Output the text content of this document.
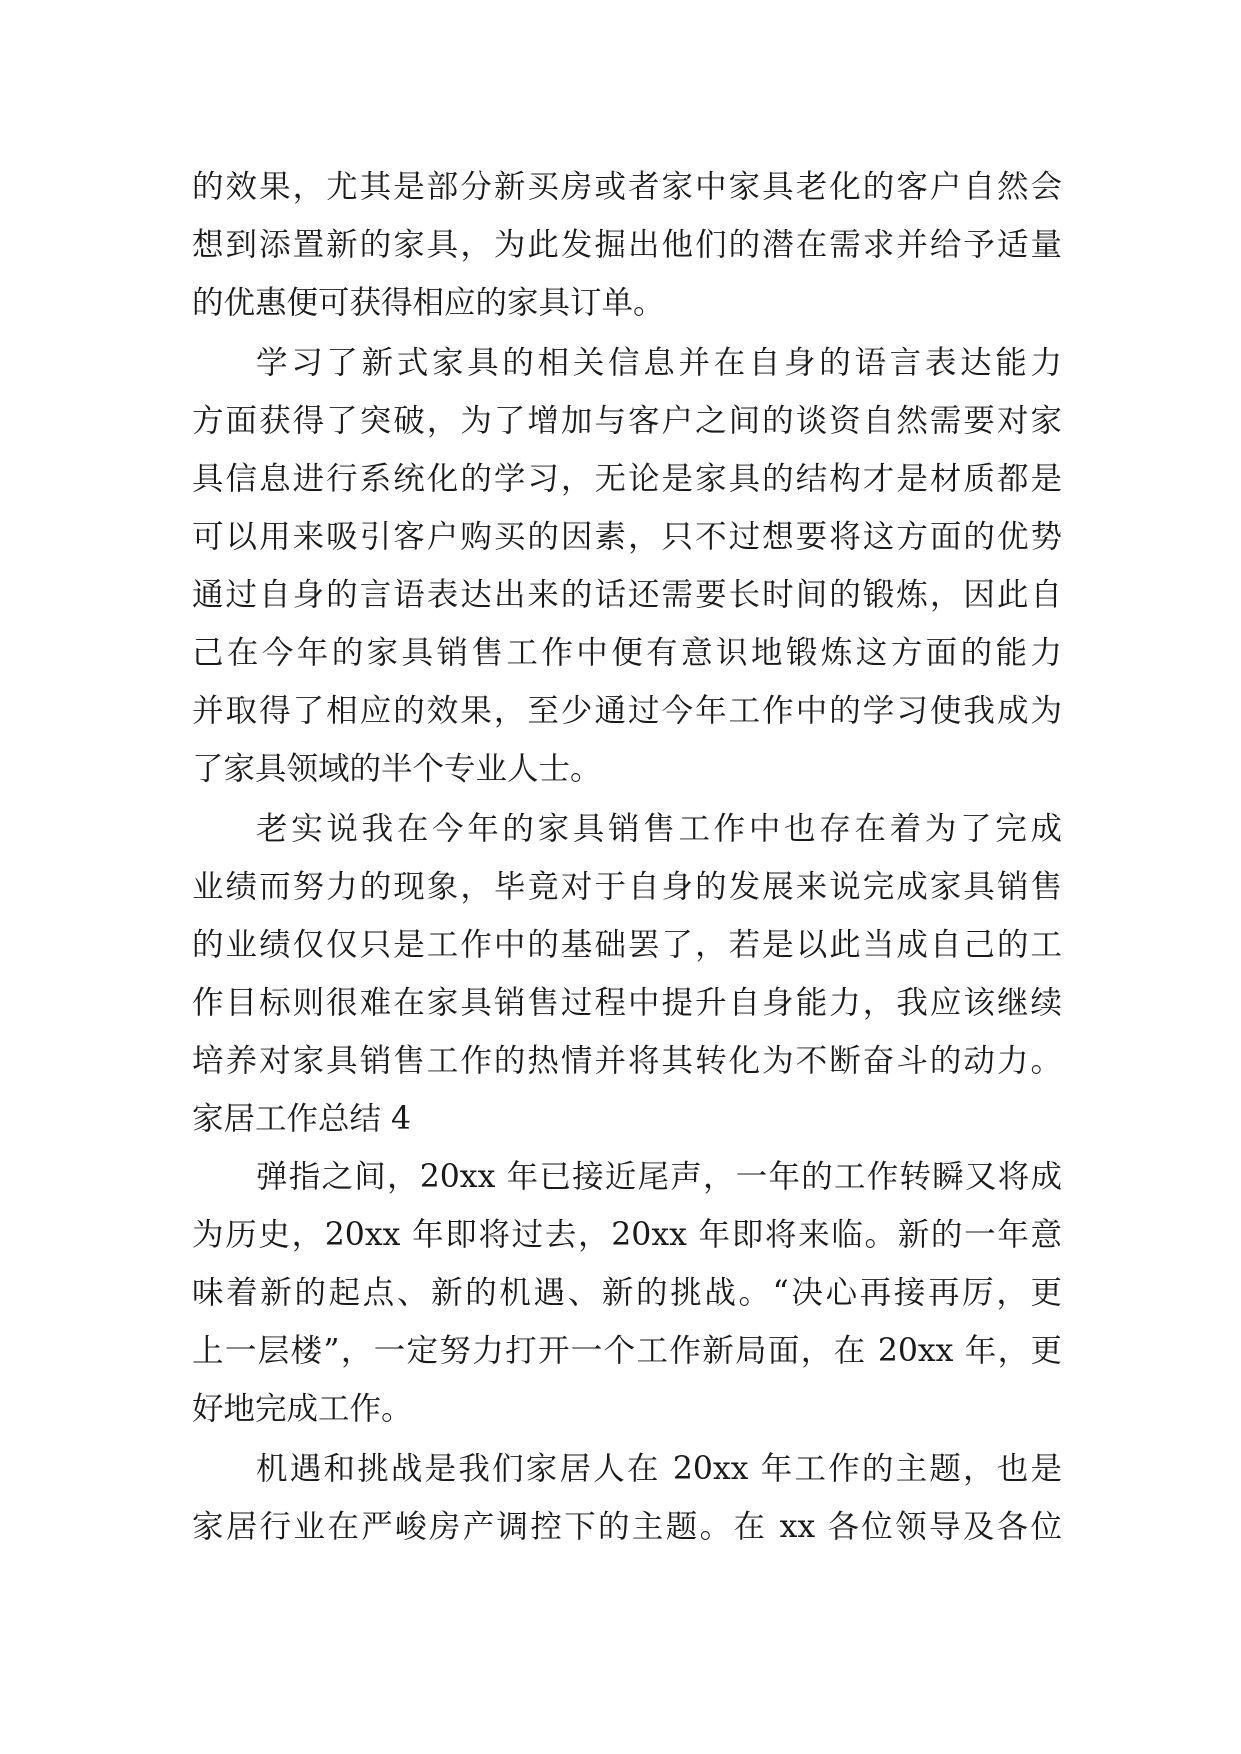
的效果，尤其是部分新买房或者家中家具老化的客户自然会
想到添置新的家具，为此发掘出他们的潜在需求并给予适量
的优惠便可获得相应的家具订单。
学习了新式家具的相关信息并在自身的语言表达能力
方面获得了突破，为了增加与客户之间的谈资自然需要对家
具信息进行系统化的学习，无论是家具的结构才是材质都是
可以用来吸引客户购买的因素，只不过想要将这方面的优势
通过自身的言语表达出来的话还需要长时间的锻炼，因此自
己在今年的家具销售工作中便有意识地锻炼这方面的能力
并取得了相应的效果，至少通过今年工作中的学习使我成为
了家具领域的半个专业人士。
老实说我在今年的家具销售工作中也存在着为了完成
业绩而努力的现象，毕竟对于自身的发展来说完成家具销售
的业绩仅仅只是工作中的基础罢了，若是以此当成自己的工
作目标则很难在家具销售过程中提升自身能力，我应该继续
培养对家具销售工作的热情并将其转化为不断奋斗的动力。
家居工作总结 4
弹指之间，20xx 年已接近尾声，一年的工作转瞬又将成
为历史，20xx 年即将过去，20xx 年即将来临。新的一年意
味着新的起点、新的机遇、新的挑战。“决心再接再厉，更
上一层楼”，一定努力打开一个工作新局面，在 20xx 年，更
好地完成工作。
机遇和挑战是我们家居人在 20xx 年工作的主题，也是
家居行业在严峻房产调控下的主题。在 xx 各位领导及各位
